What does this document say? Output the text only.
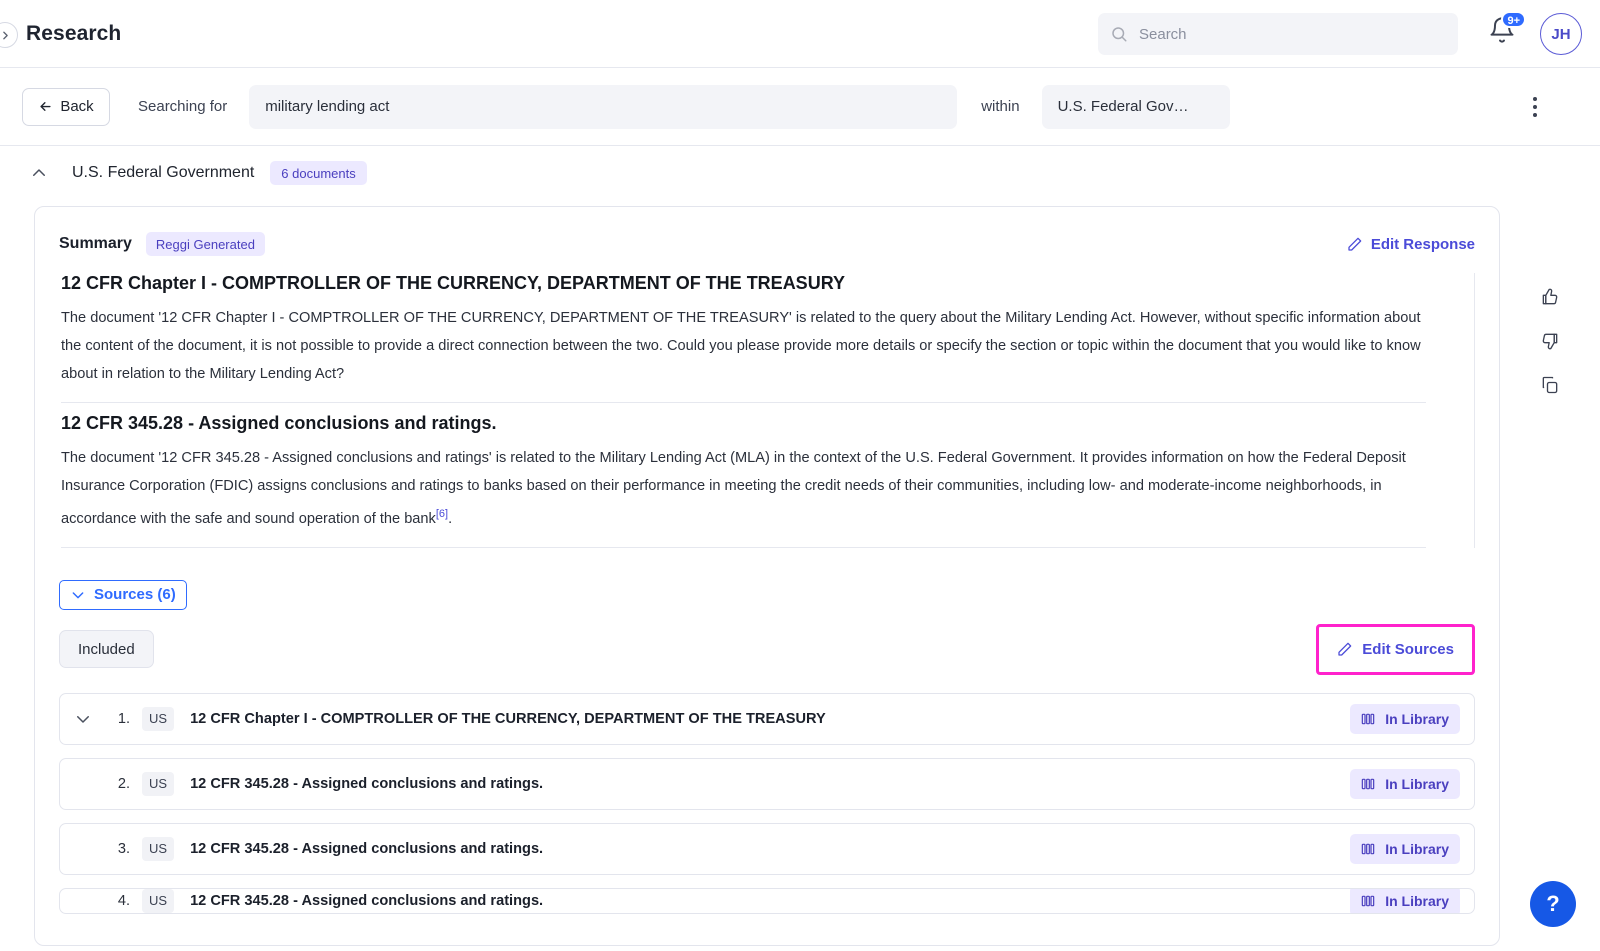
Research
Search
9+
JH
Back	Searching for	military lending act	within	U.S. Federal Gov…
U.S. Federal Government	6 documents
Summary	Reggi Generated	Edit Response
12 CFR Chapter I - COMPTROLLER OF THE CURRENCY, DEPARTMENT OF THE TREASURY

The document '12 CFR Chapter I - COMPTROLLER OF THE CURRENCY, DEPARTMENT OF THE TREASURY' is related to the query about the Military Lending Act. However, without specific information about the content of the document, it is not possible to provide a direct connection between the two. Could you please provide more details or specify the section or topic within the document that you would like to know about in relation to the Military Lending Act?

12 CFR 345.28 - Assigned conclusions and ratings.

The document '12 CFR 345.28 - Assigned conclusions and ratings' is related to the Military Lending Act (MLA) in the context of the U.S. Federal Government. It provides information on how the Federal Deposit Insurance Corporation (FDIC) assigns conclusions and ratings to banks based on their performance in meeting the credit needs of their communities, including low- and moderate-income neighborhoods, in accordance with the safe and sound operation of the bank[6].

Sources (6)
Included	Edit Sources
1.	US	12 CFR Chapter I - COMPTROLLER OF THE CURRENCY, DEPARTMENT OF THE TREASURY	In Library
2.	US	12 CFR 345.28 - Assigned conclusions and ratings.	In Library
3.	US	12 CFR 345.28 - Assigned conclusions and ratings.	In Library
4.	US	12 CFR 345.28 - Assigned conclusions and ratings.	In Library	?
